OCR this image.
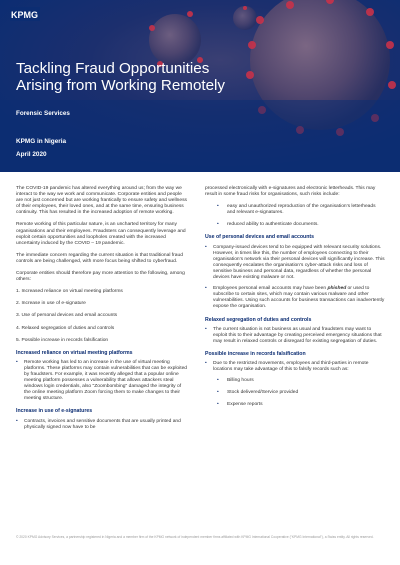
KPMG
Tackling Fraud Opportunities
Arising from Working Remotely
Forensic Services
KPMG in Nigeria
April 2020

The COVID-19 pandemic has altered everything around us; from the way we interact to the way we work and communicate. Corporate entities and people are not just concerned but are working frantically to ensure safety and wellness of their employees, their loved ones, and at the same time, ensuring business continuity. This has resulted in the increased adoption of remote working.

Remote working of this particular nature, is an uncharted territory for many organisations and their employees. Fraudsters can consequently leverage and exploit certain opportunities and loopholes created with the increased uncertainty induced by the COVID – 19 pandemic.

The immediate concern regarding the current situation is that traditional fraud controls are being challenged, with more focus being shifted to cyberfraud.

Corporate entities should therefore pay more attention to the following, among others:

1. Increased reliance on virtual meeting platforms
2. Increase in use of e-signature
3. Use of personal devices and email accounts
4. Relaxed segregation of duties and controls
5. Possible increase in records falsification
Increased reliance on virtual meeting platforms
• Remote working has led to an increase in the use of virtual meeting platforms. These platforms may contain vulnerabilities that can be exploited by fraudsters. For example, it was recently alleged that a popular online meeting platform possesses a vulnerability that allows attackers steal windows login credentials, also "Zoombombing" damaged the integrity of the online meeting platform Zoom forcing them to make changes to their meeting structure.
Increase in use of e-signatures
• Contracts, invoices and sensitive documents that are usually printed and physically signed now have to be

processed electronically with e-signatures and electronic letterheads. This may result in some fraud risks for organisations, such risks include:

• easy and unauthorized reproduction of the organisation's letterheads and relevant e-signatures.
• reduced ability to authenticate documents.
Use of personal devices and email accounts
• Company-issued devices tend to be equipped with relevant security solutions. However, in times like this, the number of employees connecting to their organisation's network via their personal devices will significantly increase. This consequently escalates the organisation's cyber-attack risks and loss of sensitive business and personal data, regardless of whether the personal devices have existing malware or not.
• Employees personal email accounts may have been phished or used to subscribe to certain sites, which may contain various malware and other vulnerabilities. Using such accounts for business transactions can inadvertently expose the organisation.
Relaxed segregation of duties and controls
• The current situation is not business as usual and fraudsters may want to exploit this to their advantage by creating perceived emergency situations that may result in relaxed controls or disregard for existing segregation of duties.
Possible increase in records falsification
• Due to the restricted movements, employees and third-parties in remote locations may take advantage of this to falsify records such as:
• Billing hours
• Stock delivered/Service provided
• Expense reports
© 2020 KPMG Advisory Services, a partnership registered in Nigeria and a member firm of the KPMG network of independent member firms affiliated with KPMG International Cooperative ("KPMG International"), a Swiss entity. All rights reserved.
